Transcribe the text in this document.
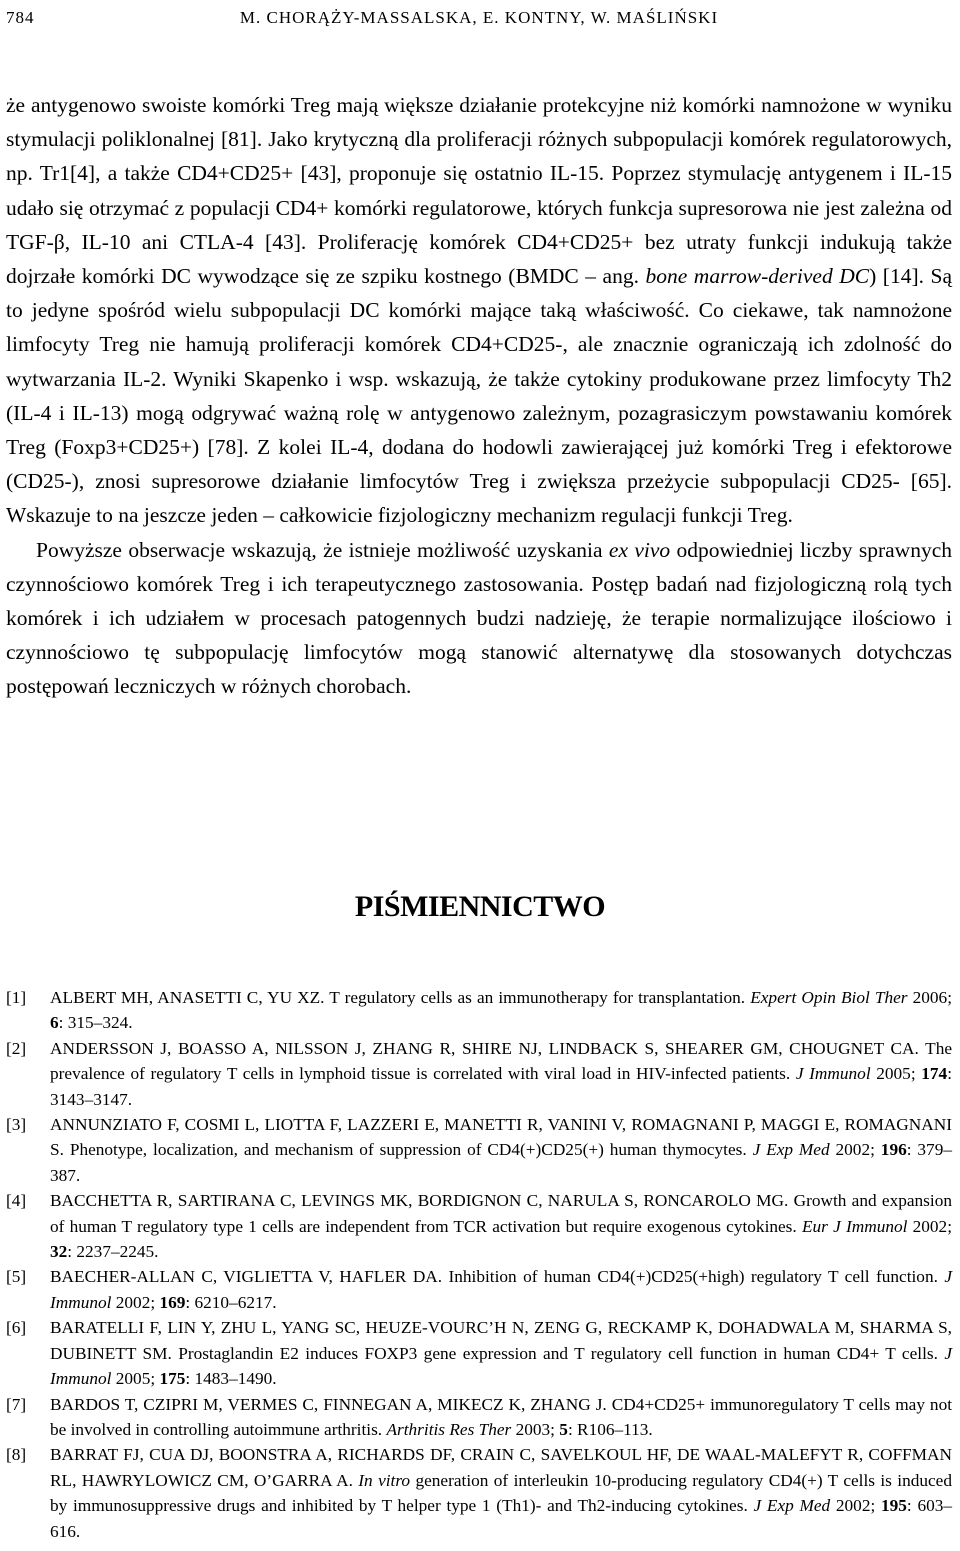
784	M. CHORĄŻY-MASSALSKA, E. KONTNY, W. MAŚLIŃSKI

że antygenowo swoiste komórki Treg mają większe działanie protekcyjne niż komórki namnożone w wyniku stymulacji poliklonalnej [81]. Jako krytyczną dla proliferacji różnych subpopulacji komórek regulatorowych, np. Tr1[4], a także CD4+CD25+ [43], proponuje się ostatnio IL-15. Poprzez stymulację antygenem i IL-15 udało się otrzymać z populacji CD4+ komórki regulatorowe, których funkcja supresorowa nie jest zależna od TGF-β, IL-10 ani CTLA-4 [43]. Proliferację komórek CD4+CD25+ bez utraty funkcji indukują także dojrzałe komórki DC wywodzące się ze szpiku kostnego (BMDC – ang. bone marrow-derived DC) [14]. Są to jedyne spośród wielu subpopulacji DC komórki mające taką właściwość. Co ciekawe, tak namnożone limfocyty Treg nie hamują proliferacji komórek CD4+CD25-, ale znacznie ograniczają ich zdolność do wytwarzania IL-2. Wyniki Skapenko i wsp. wskazują, że także cytokiny produkowane przez limfocyty Th2 (IL-4 i IL-13) mogą odgrywać ważną rolę w antygenowo zależnym, pozagrasiczym powstawaniu komórek Treg (Foxp3+CD25+) [78]. Z kolei IL-4, dodana do hodowli zawierającej już komórki Treg i efektorowe (CD25-), znosi supresorowe działanie limfocytów Treg i zwiększa przeżycie subpopulacji CD25- [65]. Wskazuje to na jeszcze jeden – całkowicie fizjologiczny mechanizm regulacji funkcji Treg.

Powyższe obserwacje wskazują, że istnieje możliwość uzyskania ex vivo odpowiedniej liczby sprawnych czynnościowo komórek Treg i ich terapeutycznego zastosowania. Postęp badań nad fizjologiczną rolą tych komórek i ich udziałem w procesach patogennych budzi nadzieję, że terapie normalizujące ilościowo i czynnościowo tę subpopulację limfocytów mogą stanowić alternatywę dla stosowanych dotychczas postępowań leczniczych w różnych chorobach.

PIŚMIENNICTWO
[1] ALBERT MH, ANASETTI C, YU XZ. T regulatory cells as an immunotherapy for transplantation. Expert Opin Biol Ther 2006; 6: 315–324.
[2] ANDERSSON J, BOASSO A, NILSSON J, ZHANG R, SHIRE NJ, LINDBACK S, SHEARER GM, CHOUGNET CA. The prevalence of regulatory T cells in lymphoid tissue is correlated with viral load in HIV-infected patients. J Immunol 2005; 174: 3143–3147.
[3] ANNUNZIATO F, COSMI L, LIOTTA F, LAZZERI E, MANETTI R, VANINI V, ROMAGNANI P, MAGGI E, ROMAGNANI S. Phenotype, localization, and mechanism of suppression of CD4(+)CD25(+) human thymocytes. J Exp Med 2002; 196: 379–387.
[4] BACCHETTA R, SARTIRANA C, LEVINGS MK, BORDIGNON C, NARULA S, RONCAROLO MG. Growth and expansion of human T regulatory type 1 cells are independent from TCR activation but require exogenous cytokines. Eur J Immunol 2002; 32: 2237–2245.
[5] BAECHER-ALLAN C, VIGLIETTA V, HAFLER DA. Inhibition of human CD4(+)CD25(+high) regulatory T cell function. J Immunol 2002; 169: 6210–6217.
[6] BARATELLI F, LIN Y, ZHU L, YANG SC, HEUZE-VOURC’H N, ZENG G, RECKAMP K, DOHADWALA M, SHARMA S, DUBINETT SM. Prostaglandin E2 induces FOXP3 gene expression and T regulatory cell function in human CD4+ T cells. J Immunol 2005; 175: 1483–1490.
[7] BARDOS T, CZIPRI M, VERMES C, FINNEGAN A, MIKECZ K, ZHANG J. CD4+CD25+ immunoregulatory T cells may not be involved in controlling autoimmune arthritis. Arthritis Res Ther 2003; 5: R106–113.
[8] BARRAT FJ, CUA DJ, BOONSTRA A, RICHARDS DF, CRAIN C, SAVELKOUL HF, DE WAAL-MALEFYT R, COFFMAN RL, HAWRYLOWICZ CM, O’GARRA A. In vitro generation of interleukin 10-producing regulatory CD4(+) T cells is induced by immunosuppressive drugs and inhibited by T helper type 1 (Th1)- and Th2-inducing cytokines. J Exp Med 2002; 195: 603–616.
